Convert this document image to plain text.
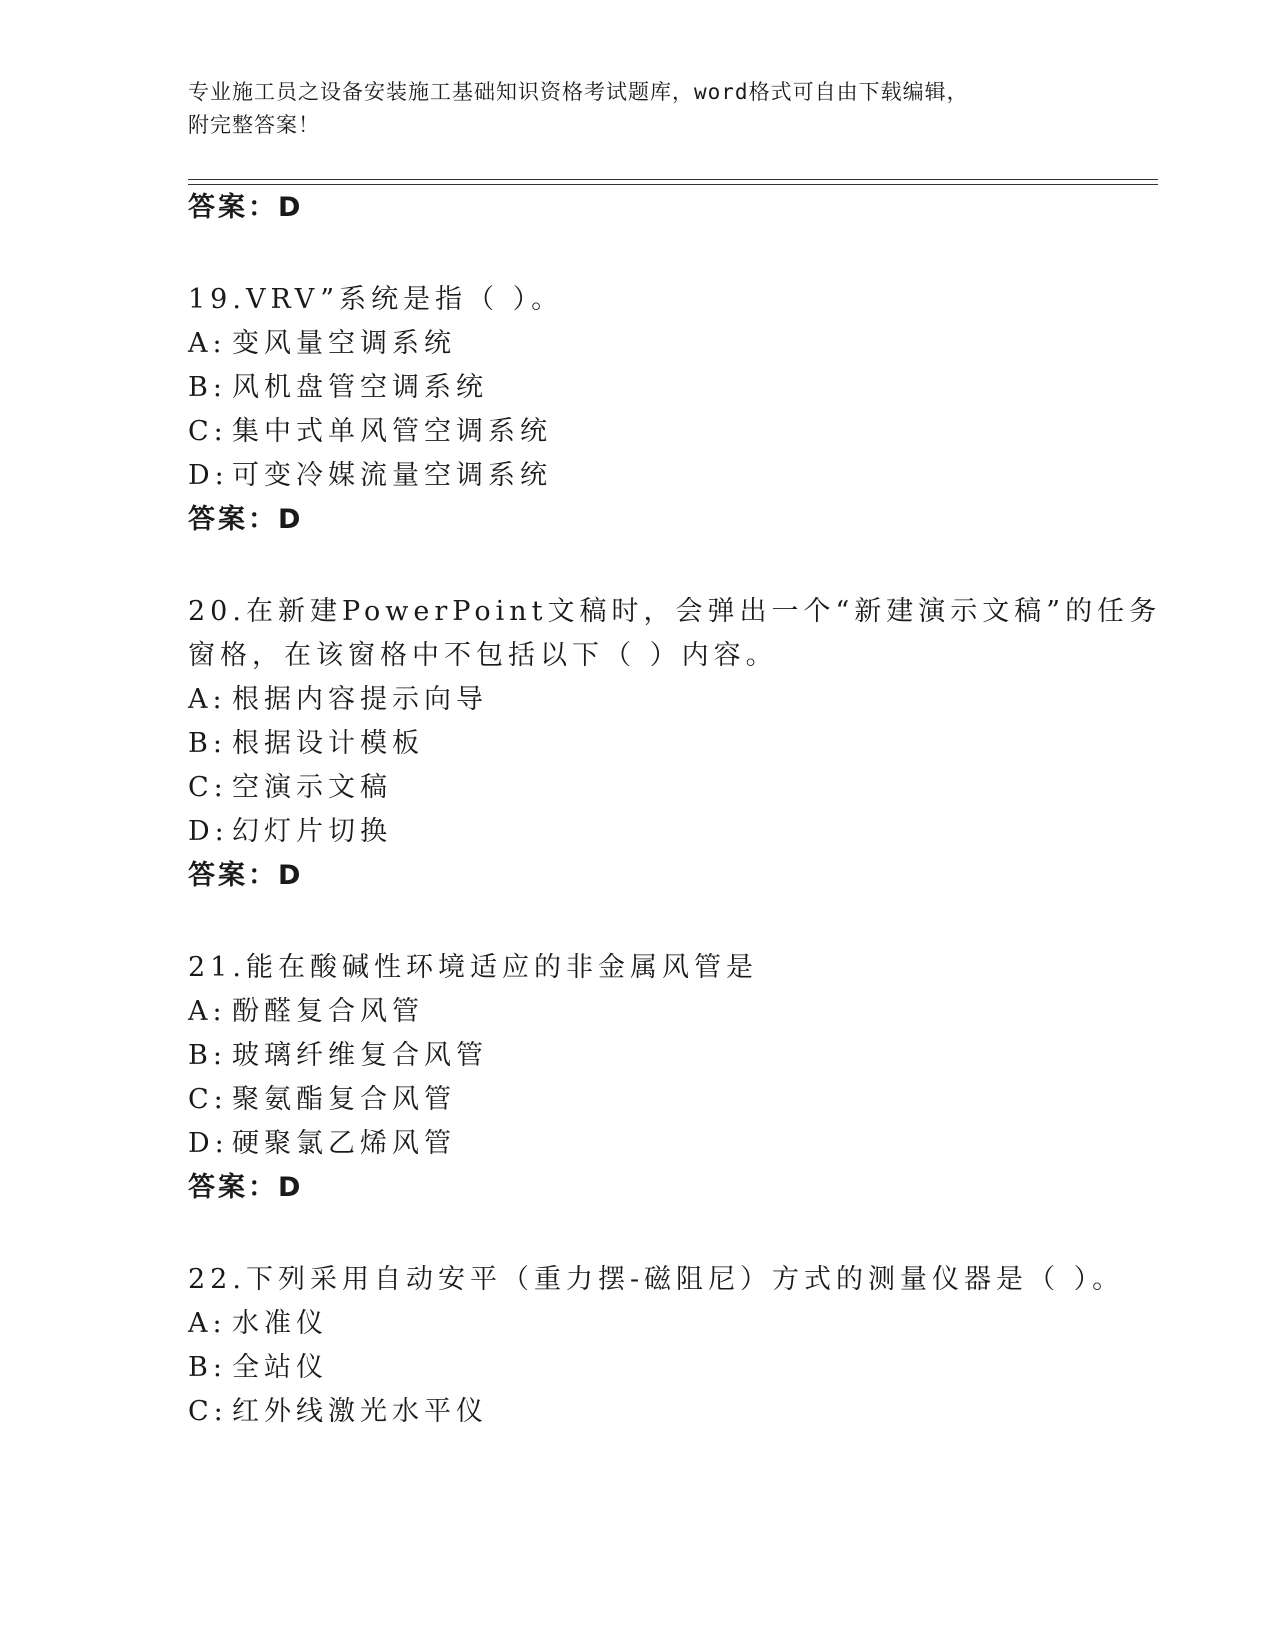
专业施工员之设备安装施工基础知识资格考试题库，word格式可自由下载编辑，
附完整答案！
答案：D
19.VRV”系统是指（ ）。
A: 变风量空调系统
B: 风机盘管空调系统
C: 集中式单风管空调系统
D: 可变冷媒流量空调系统
答案：D
20.在新建PowerPoint文稿时，会弹出一个“新建演示文稿”的任务
窗格，在该窗格中不包括以下（ ）内容。
A: 根据内容提示向导
B: 根据设计模板
C: 空演示文稿
D: 幻灯片切换
答案：D
21.能在酸碱性环境适应的非金属风管是
A: 酚醛复合风管
B: 玻璃纤维复合风管
C: 聚氨酯复合风管
D: 硬聚氯乙烯风管
答案：D
22.下列采用自动安平（重力摆-磁阻尼）方式的测量仪器是（ ）。
A: 水准仪
B: 全站仪
C: 红外线激光水平仪
